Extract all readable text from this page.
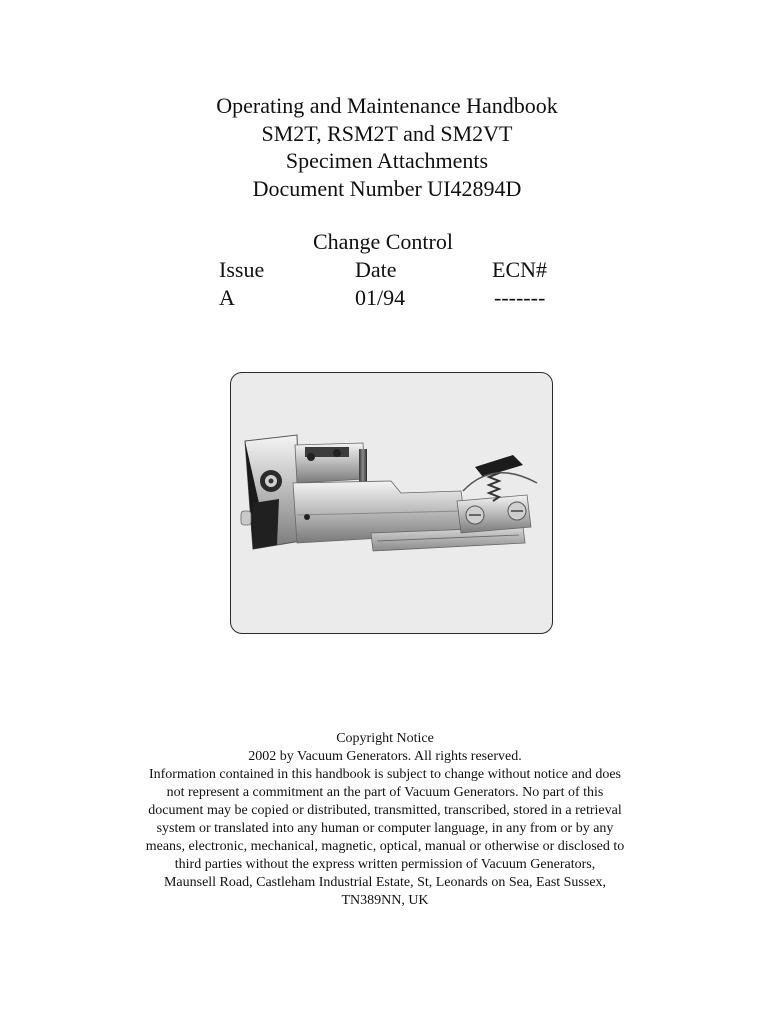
Operating and Maintenance Handbook

SM2T, RSM2T and SM2VT

Specimen Attachments

Document Number UI42894D

Change Control
Issue	Date	ECN#
A	01/94	-------

Copyright Notice

2002 by Vacuum Generators. All rights reserved.

Information contained in this handbook is subject to change without notice and does

not represent a commitment an the part of Vacuum Generators. No part of this

document may be copied or distributed, transmitted, transcribed, stored in a retrieval

system or translated into any human or computer language, in any from or by any

means, electronic, mechanical, magnetic, optical, manual or otherwise or disclosed to

third parties without the express written permission of Vacuum Generators,

Maunsell Road, Castleham Industrial Estate, St, Leonards on Sea, East Sussex,

TN389NN, UK
